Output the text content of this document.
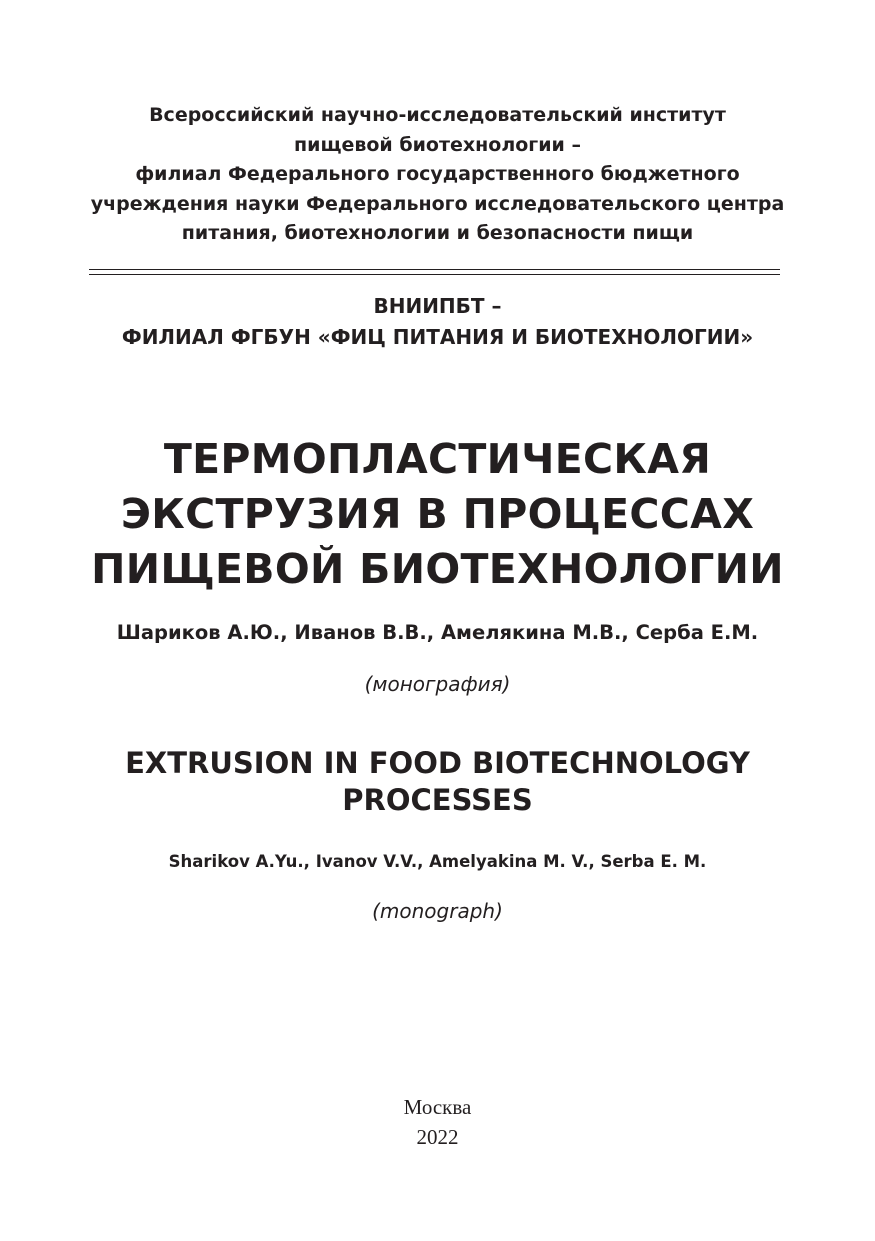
Всероссийский научно-исследовательский институт
пищевой биотехнологии –
филиал Федерального государственного бюджетного
учреждения науки Федерального исследовательского центра
питания, биотехнологии и безопасности пищи
ВНИИПБТ –
ФИЛИАЛ ФГБУН «ФИЦ ПИТАНИЯ И БИОТЕХНОЛОГИИ»
ТЕРМОПЛАСТИЧЕСКАЯ
ЭКСТРУЗИЯ В ПРОЦЕССАХ
ПИЩЕВОЙ БИОТЕХНОЛОГИИ
Шариков А.Ю., Иванов В.В., Амелякина М.В., Серба Е.М.
(монография)
EXTRUSION IN FOOD BIOTECHNOLOGY
PROCESSES
Sharikov A.Yu., Ivanov V.V., Amelyakina M. V., Serba E. M.
(monograph)
Москва
2022
